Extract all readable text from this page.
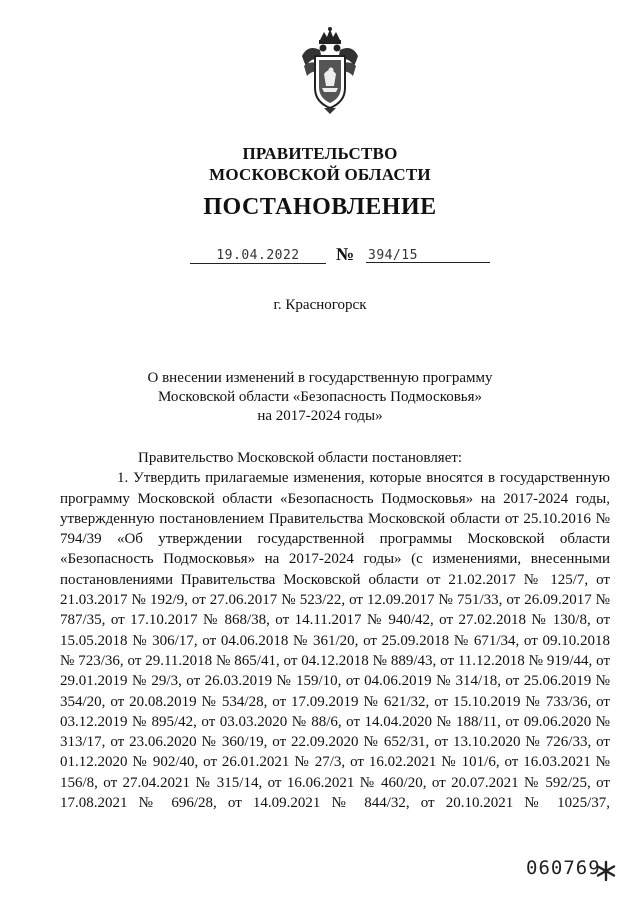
ПРАВИТЕЛЬСТВО
МОСКОВСКОЙ ОБЛАСТИ
ПОСТАНОВЛЕНИЕ
19.04.2022	№ 394/15
г. Красногорск
О внесении изменений в государственную программу
Московской области «Безопасность Подмосковья»
на 2017-2024 годы»

Правительство Московской области постановляет:

1. Утвердить прилагаемые изменения, которые вносятся в государственную программу Московской области «Безопасность Подмосковья» на 2017-2024 годы, утвержденную постановлением Правительства Московской области от 25.10.2016 № 794/39 «Об утверждении государственной программы Московской области «Безопасность Подмосковья» на 2017-2024 годы» (с изменениями, внесенными постановлениями Правительства Московской области от 21.02.2017 № 125/7, от 21.03.2017 № 192/9, от 27.06.2017 № 523/22, от 12.09.2017 № 751/33, от 26.09.2017 № 787/35, от 17.10.2017 № 868/38, от 14.11.2017 № 940/42, от 27.02.2018 № 130/8, от 15.05.2018 № 306/17, от 04.06.2018 № 361/20, от 25.09.2018 № 671/34, от 09.10.2018 № 723/36, от 29.11.2018 № 865/41, от 04.12.2018 № 889/43, от 11.12.2018 № 919/44, от 29.01.2019 № 29/3, от 26.03.2019 № 159/10, от 04.06.2019 № 314/18, от 25.06.2019 № 354/20, от 20.08.2019 № 534/28, от 17.09.2019 № 621/32, от 15.10.2019 № 733/36, от 03.12.2019 № 895/42, от 03.03.2020 № 88/6, от 14.04.2020 № 188/11, от 09.06.2020 № 313/17, от 23.06.2020 № 360/19, от 22.09.2020 № 652/31, от 13.10.2020 № 726/33, от 01.12.2020 № 902/40, от 26.01.2021 № 27/3, от 16.02.2021 № 101/6, от 16.03.2021 № 156/8, от 27.04.2021 № 315/14, от 16.06.2021 № 460/20, от 20.07.2021 № 592/25, от 17.08.2021 № 696/28, от 14.09.2021 № 844/32, от 20.10.2021 № 1025/37,

060769
